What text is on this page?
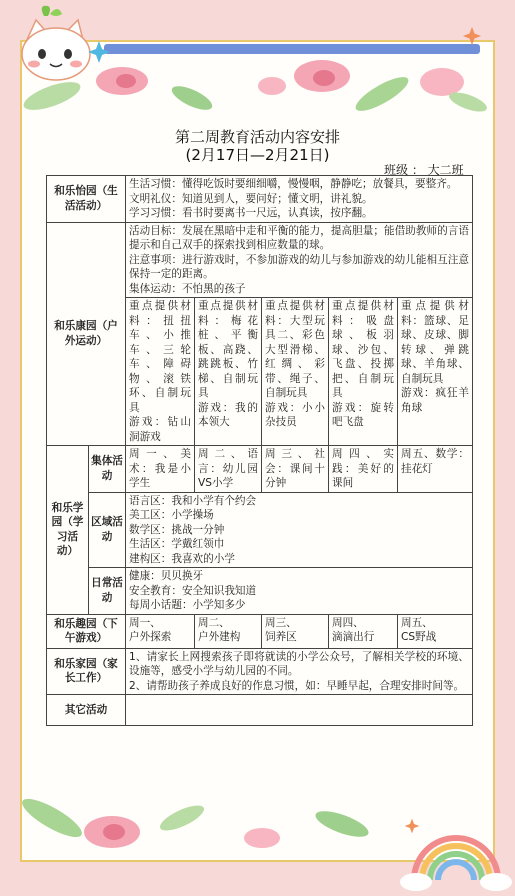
第二周教育活动内容安排
(2月17日—2月21日)
班级 ： 大二班
和乐怡园（生活活动）		生活习惯：懂得吃饭时要细细嚼，慢慢咽，静静吃；放餐具，要整齐。
文明礼仪：知道见到人，要问好；懂文明，讲礼貌。
学习习惯：看书时要离书一尺远，认真读，按序翻。				

和乐康园（户外运动）		活动目标：发展在黑暗中走和平衡的能力，提高胆量；能借助教师的言语提示和自己双手的探索找到相应数量的球。
注意事项：进行游戏时，不参加游戏的幼儿与参加游戏的幼儿能相互注意保持一定的距离。
集体运动：不怕黑的孩子				

		重点提供材料：扭扭车、小推车、三轮车、障碍物、滚铁环、自制玩具
游戏：钻山洞游戏	重点提供材料：梅花桩、平衡板、高跷、跳跳板、竹梯、自制玩具
游戏：我的本领大	重点提供材料：大型玩具二、彩色大型滑梯、红绸、彩带、绳子、自制玩具
游戏：小小杂技员	重点提供材料：吸盘球、板羽球、沙包、飞盘、投掷把、自制玩具
游戏：旋转吧飞盘	重点提供材料：篮球、足球、皮球、脚转球、弹跳球、羊角球、自制玩具
游戏：疯狂羊角球

和乐学园（学习活动）	集体活动	周一、美术：我是小学生	周二、语言：幼儿园VS小学	周三、社会：课间十分钟	周四、实践：美好的课间	周五、数学：挂花灯
	区域活动	语言区：我和小学有个约会
美工区：小学操场
数学区：挑战一分钟
生活区：学戴红领巾
建构区：我喜欢的小学				

	日常活动	健康：贝贝换牙
安全教育：安全知识我知道
每周小话题：小学知多少				

和乐趣园（下午游戏）		周一、
户外探索	周二、
户外建构	周三、
饲养区	周四、
滴滴出行	周五、
CS野战

和乐家园（家长工作）		1、请家长上网搜索孩子即将就读的小学公众号，了解相关学校的环境、设施等，感受小学与幼儿园的不同。
2、请帮助孩子养成良好的作息习惯，如：早睡早起，合理安排时间等。				

其它活动						
